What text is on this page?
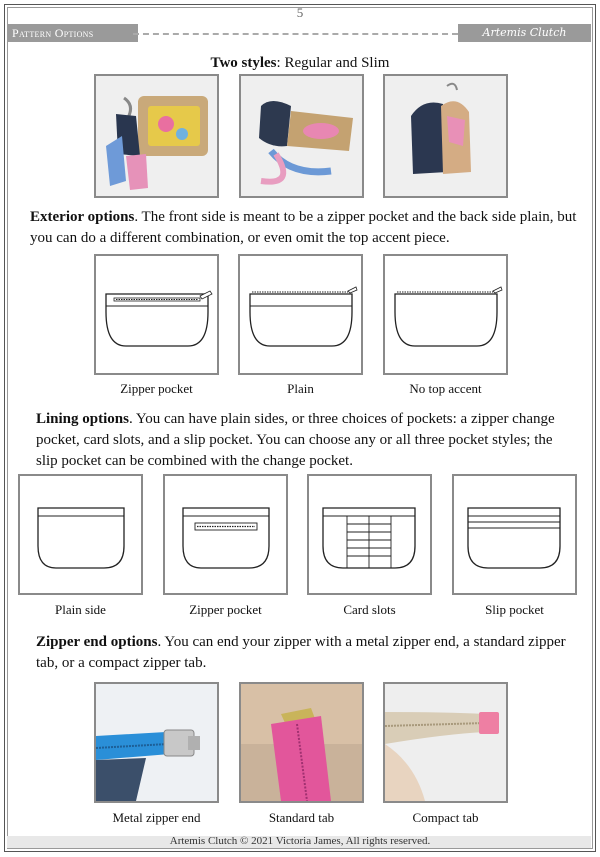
5
Pattern Options	Artemis Clutch
Two styles: Regular and Slim
Exterior options. The front side is meant to be a zipper pocket and the back side plain, but you can do a different combination, or even omit the top accent piece.
Zipper pocket	Plain	No top accent
Lining options. You can have plain sides, or three choices of pockets: a zipper change pocket, card slots, and a slip pocket. You can choose any or all three pocket styles; the slip pocket can be combined with the change pocket.
Plain side	Zipper pocket	Card slots	Slip pocket
Zipper end options. You can end your zipper with a metal zipper end, a standard zipper tab, or a compact zipper tab.
Metal zipper end	Standard tab	Compact tab
Artemis Clutch © 2021 Victoria James, All rights reserved.
